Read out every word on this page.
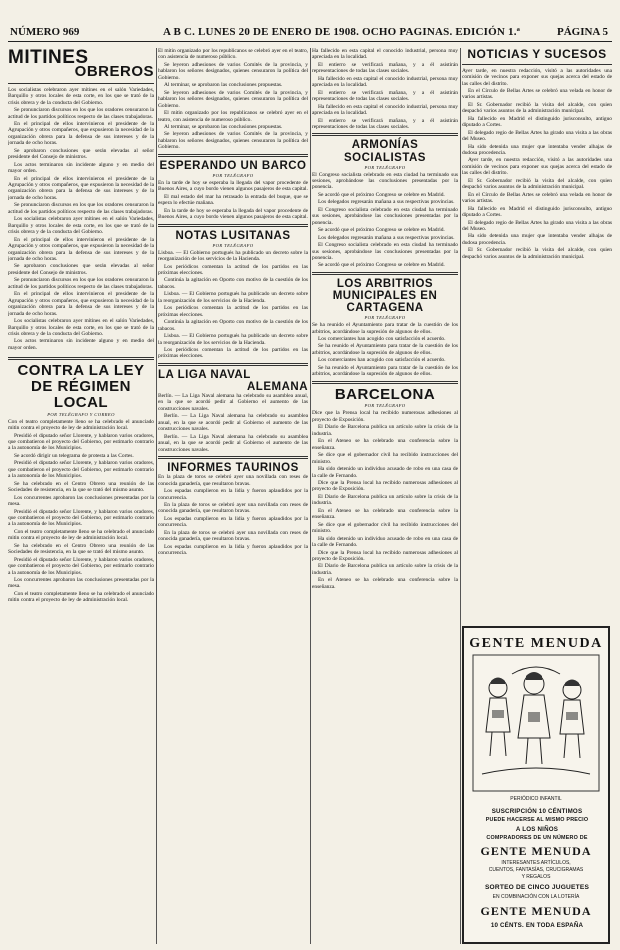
NÚMERO 969	A B C. LUNES 20 DE ENERO DE 1908. OCHO PAGINAS. EDICIÓN 1.ª	PÁGINA 5
MITINES
OBREROS

Los socialistas celebraron ayer mítines en el salón Variedades, Barquillo y otros locales de esta corte, en los que se trató de la crisis obrera y de la conducta del Gobierno.

Se pronunciaron discursos en los que los oradores censuraron la actitud de los partidos políticos respecto de las clases trabajadoras.

En el principal de ellos intervinieron el presidente de la Agrupación y otros compañeros, que expusieron la necesidad de la organización obrera para la defensa de sus intereses y de la jornada de ocho horas.

Se aprobaron conclusiones que serán elevadas al señor presidente del Consejo de ministros.

Los actos terminaron sin incidente alguno y en medio del mayor orden.

En el principal de ellos intervinieron el presidente de la Agrupación y otros compañeros, que expusieron la necesidad de la organización obrera para la defensa de sus intereses y de la jornada de ocho horas.

Se pronunciaron discursos en los que los oradores censuraron la actitud de los partidos políticos respecto de las clases trabajadoras.

Los socialistas celebraron ayer mítines en el salón Variedades, Barquillo y otros locales de esta corte, en los que se trató de la crisis obrera y de la conducta del Gobierno.

En el principal de ellos intervinieron el presidente de la Agrupación y otros compañeros, que expusieron la necesidad de la organización obrera para la defensa de sus intereses y de la jornada de ocho horas.

Se aprobaron conclusiones que serán elevadas al señor presidente del Consejo de ministros.

Se pronunciaron discursos en los que los oradores censuraron la actitud de los partidos políticos respecto de las clases trabajadoras.

En el principal de ellos intervinieron el presidente de la Agrupación y otros compañeros, que expusieron la necesidad de la organización obrera para la defensa de sus intereses y de la jornada de ocho horas.

Los socialistas celebraron ayer mítines en el salón Variedades, Barquillo y otros locales de esta corte, en los que se trató de la crisis obrera y de la conducta del Gobierno.

Los actos terminaron sin incidente alguno y en medio del mayor orden.

CONTRA LA LEY
DE RÉGIMEN LOCAL
POR TELÉGRAFO Y CORREO

Con el teatro completamente lleno se ha celebrado el anunciado mitin contra el proyecto de ley de administración local.

Presidió el diputado señor Llorente, y hablaron varios oradores, que combatieron el proyecto del Gobierno, por estimarlo contrario a la autonomía de los Municipios.

Se acordó dirigir un telegrama de protesta a las Cortes.

Presidió el diputado señor Llorente, y hablaron varios oradores, que combatieron el proyecto del Gobierno, por estimarlo contrario a la autonomía de los Municipios.

Se ha celebrado en el Centro Obrero una reunión de las Sociedades de resistencia, en la que se trató del mismo asunto.

Los concurrentes aprobaron las conclusiones presentadas por la mesa.

Presidió el diputado señor Llorente, y hablaron varios oradores, que combatieron el proyecto del Gobierno, por estimarlo contrario a la autonomía de los Municipios.

Con el teatro completamente lleno se ha celebrado el anunciado mitin contra el proyecto de ley de administración local.

Se ha celebrado en el Centro Obrero una reunión de las Sociedades de resistencia, en la que se trató del mismo asunto.

Presidió el diputado señor Llorente, y hablaron varios oradores, que combatieron el proyecto del Gobierno, por estimarlo contrario a la autonomía de los Municipios.

Los concurrentes aprobaron las conclusiones presentadas por la mesa.

Con el teatro completamente lleno se ha celebrado el anunciado mitin contra el proyecto de ley de administración local.

El mitin organizado por los republicanos se celebró ayer en el teatro, con asistencia de numeroso público.

Se leyeron adhesiones de varios Comités de la provincia, y hablaron los señores designados, quienes censuraron la política del Gobierno.

Al terminar, se aprobaron las conclusiones propuestas.

Se leyeron adhesiones de varios Comités de la provincia, y hablaron los señores designados, quienes censuraron la política del Gobierno.

El mitin organizado por los republicanos se celebró ayer en el teatro, con asistencia de numeroso público.

Al terminar, se aprobaron las conclusiones propuestas.

Se leyeron adhesiones de varios Comités de la provincia, y hablaron los señores designados, quienes censuraron la política del Gobierno.

ESPERANDO UN BARCO
POR TELÉGRAFO

En la tarde de hoy se esperaba la llegada del vapor procedente de Buenos Aires, a cuyo bordo vienen algunos pasajeros de esta capital.

El mal estado del mar ha retrasado la entrada del buque, que se espera lo efectúe mañana.

En la tarde de hoy se esperaba la llegada del vapor procedente de Buenos Aires, a cuyo bordo vienen algunos pasajeros de esta capital.

NOTAS LUSITANAS
POR TELÉGRAFO

Lisboa. — El Gobierno portugués ha publicado un decreto sobre la reorganización de los servicios de la Hacienda.

Los periódicos comentan la actitud de los partidos en las próximas elecciones.

Continúa la agitación en Oporto con motivo de la cuestión de los tabacos.

Lisboa. — El Gobierno portugués ha publicado un decreto sobre la reorganización de los servicios de la Hacienda.

Los periódicos comentan la actitud de los partidos en las próximas elecciones.

Continúa la agitación en Oporto con motivo de la cuestión de los tabacos.

Lisboa. — El Gobierno portugués ha publicado un decreto sobre la reorganización de los servicios de la Hacienda.

Los periódicos comentan la actitud de los partidos en las próximas elecciones.

LA LIGA NAVAL
ALEMANA

Berlín. — La Liga Naval alemana ha celebrado su asamblea anual, en la que se acordó pedir al Gobierno el aumento de las construcciones navales.

Berlín. — La Liga Naval alemana ha celebrado su asamblea anual, en la que se acordó pedir al Gobierno el aumento de las construcciones navales.

Berlín. — La Liga Naval alemana ha celebrado su asamblea anual, en la que se acordó pedir al Gobierno el aumento de las construcciones navales.

INFORMES TAURINOS

En la plaza de toros se celebró ayer una novillada con reses de conocida ganadería, que resultaron bravas.

Los espadas cumplieron en la lidia y fueron aplaudidos por la concurrencia.

En la plaza de toros se celebró ayer una novillada con reses de conocida ganadería, que resultaron bravas.

Los espadas cumplieron en la lidia y fueron aplaudidos por la concurrencia.

En la plaza de toros se celebró ayer una novillada con reses de conocida ganadería, que resultaron bravas.

Los espadas cumplieron en la lidia y fueron aplaudidos por la concurrencia.

Ha fallecido en esta capital el conocido industrial, persona muy apreciada en la localidad.

El entierro se verificará mañana, y a él asistirán representaciones de todas las clases sociales.

Ha fallecido en esta capital el conocido industrial, persona muy apreciada en la localidad.

El entierro se verificará mañana, y a él asistirán representaciones de todas las clases sociales.

Ha fallecido en esta capital el conocido industrial, persona muy apreciada en la localidad.

El entierro se verificará mañana, y a él asistirán representaciones de todas las clases sociales.

ARMONÍAS
SOCIALISTAS
POR TELÉGRAFO

El Congreso socialista celebrado en esta ciudad ha terminado sus sesiones, aprobándose las conclusiones presentadas por la ponencia.

Se acordó que el próximo Congreso se celebre en Madrid.

Los delegados regresarán mañana a sus respectivas provincias.

El Congreso socialista celebrado en esta ciudad ha terminado sus sesiones, aprobándose las conclusiones presentadas por la ponencia.

Se acordó que el próximo Congreso se celebre en Madrid.

Los delegados regresarán mañana a sus respectivas provincias.

El Congreso socialista celebrado en esta ciudad ha terminado sus sesiones, aprobándose las conclusiones presentadas por la ponencia.

Se acordó que el próximo Congreso se celebre en Madrid.

LOS ARBITRIOS MUNICIPALES EN CARTAGENA
POR TELÉGRAFO

Se ha reunido el Ayuntamiento para tratar de la cuestión de los arbitrios, acordándose la supresión de algunos de ellos.

Los comerciantes han acogido con satisfacción el acuerdo.

Se ha reunido el Ayuntamiento para tratar de la cuestión de los arbitrios, acordándose la supresión de algunos de ellos.

Los comerciantes han acogido con satisfacción el acuerdo.

Se ha reunido el Ayuntamiento para tratar de la cuestión de los arbitrios, acordándose la supresión de algunos de ellos.

BARCELONA
POR TELÉGRAFO

Dice que la Prensa local ha recibido numerosas adhesiones al proyecto de Exposición.

El Diario de Barcelona publica un artículo sobre la crisis de la industria.

En el Ateneo se ha celebrado una conferencia sobre la enseñanza.

Se dice que el gobernador civil ha recibido instrucciones del ministro.

Ha sido detenido un individuo acusado de robo en una casa de la calle de Fernando.

Dice que la Prensa local ha recibido numerosas adhesiones al proyecto de Exposición.

El Diario de Barcelona publica un artículo sobre la crisis de la industria.

En el Ateneo se ha celebrado una conferencia sobre la enseñanza.

Se dice que el gobernador civil ha recibido instrucciones del ministro.

Ha sido detenido un individuo acusado de robo en una casa de la calle de Fernando.

Dice que la Prensa local ha recibido numerosas adhesiones al proyecto de Exposición.

El Diario de Barcelona publica un artículo sobre la crisis de la industria.

En el Ateneo se ha celebrado una conferencia sobre la enseñanza.

NOTICIAS Y SUCESOS

Ayer tarde, en nuestra redacción, visitó a las autoridades una comisión de vecinos para exponer sus quejas acerca del estado de las calles del distrito.

En el Círculo de Bellas Artes se celebró una velada en honor de varios artistas.

El Sr. Gobernador recibió la visita del alcalde, con quien despachó varios asuntos de la administración municipal.

Ha fallecido en Madrid el distinguido jurisconsulto, antiguo diputado a Cortes.

El delegado regio de Bellas Artes ha girado una visita a las obras del Museo.

Ha sido detenida una mujer que intentaba vender alhajas de dudosa procedencia.

Ayer tarde, en nuestra redacción, visitó a las autoridades una comisión de vecinos para exponer sus quejas acerca del estado de las calles del distrito.

El Sr. Gobernador recibió la visita del alcalde, con quien despachó varios asuntos de la administración municipal.

En el Círculo de Bellas Artes se celebró una velada en honor de varios artistas.

Ha fallecido en Madrid el distinguido jurisconsulto, antiguo diputado a Cortes.

El delegado regio de Bellas Artes ha girado una visita a las obras del Museo.

Ha sido detenida una mujer que intentaba vender alhajas de dudosa procedencia.

El Sr. Gobernador recibió la visita del alcalde, con quien despachó varios asuntos de la administración municipal.

GENTE MENUDA
PERIÓDICO INFANTIL
SUSCRIPCIÓN 10 CÉNTIMOS
PUEDE HACERSE AL MISMO PRECIO
A LOS NIÑOS
COMPRADORES DE UN NÚMERO DE
GENTE MENUDA
INTERESANTES ARTÍCULOS,
CUENTOS, FANTASÍAS, CRUCIGRAMAS
Y REGALOS
SORTEO DE CINCO JUGUETES
EN COMBINACIÓN CON LA LOTERÍA
GENTE MENUDA
10 CÉNTS. EN TODA ESPAÑA
